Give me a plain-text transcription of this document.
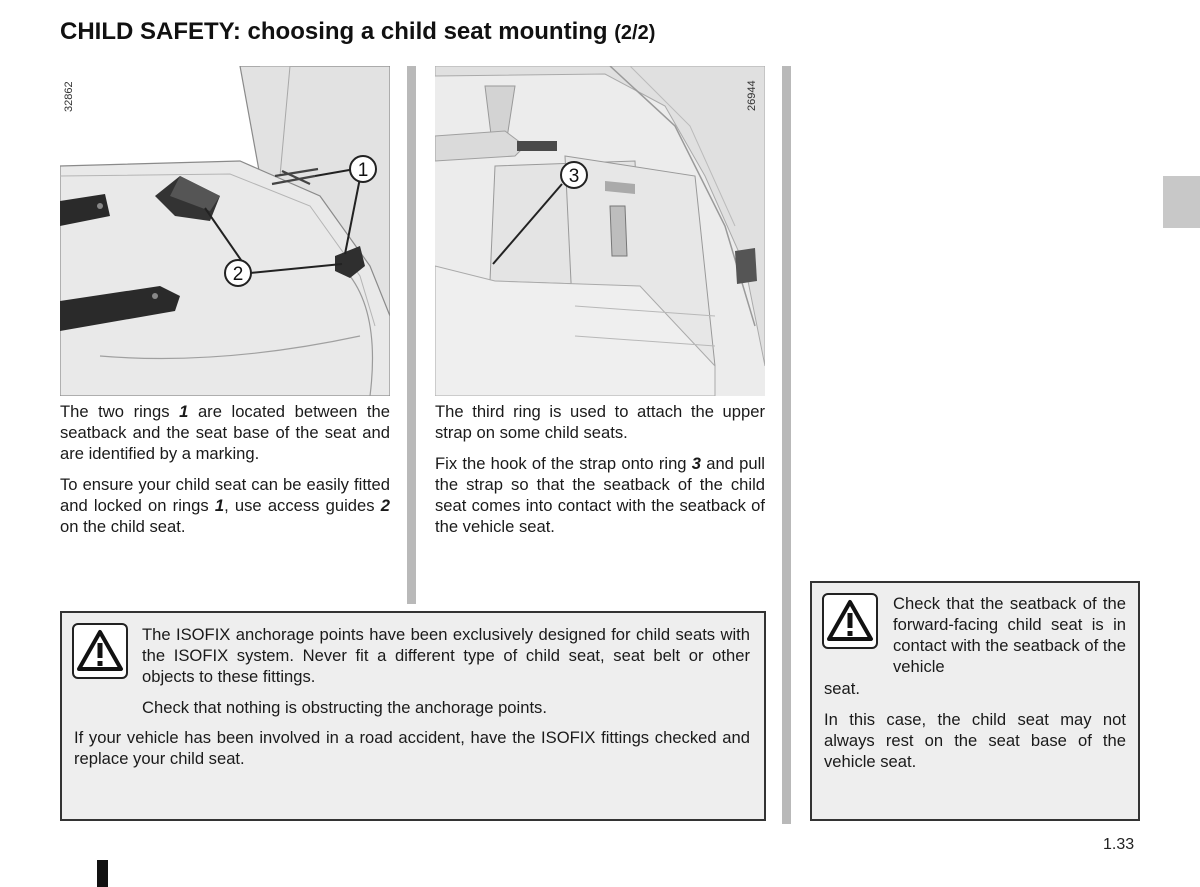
CHILD SAFETY: choosing a child seat mounting (2/2)
1
2
32862
3
26944

The two rings 1 are located between the seatback and the seat base of the seat and are identified by a marking.

To ensure your child seat can be easily fitted and locked on rings 1, use access guides 2 on the child seat.

The third ring is used to attach the upper strap on some child seats.

Fix the hook of the strap onto ring 3 and pull the strap so that the seatback of the child seat comes into contact with the seatback of the vehicle seat.

The ISOFIX anchorage points have been exclusively designed for child seats with the ISOFIX system. Never fit a different type of child seat, seat belt or other objects to these fittings.

Check that nothing is obstructing the anchorage points.

If your vehicle has been involved in a road accident, have the ISOFIX fittings checked and replace your child seat.
Check that the seatback of the forward-facing child seat is in contact with the seatback of the vehicle
seat.
In this case, the child seat may not always rest on the seat base of the vehicle seat.
1.33
